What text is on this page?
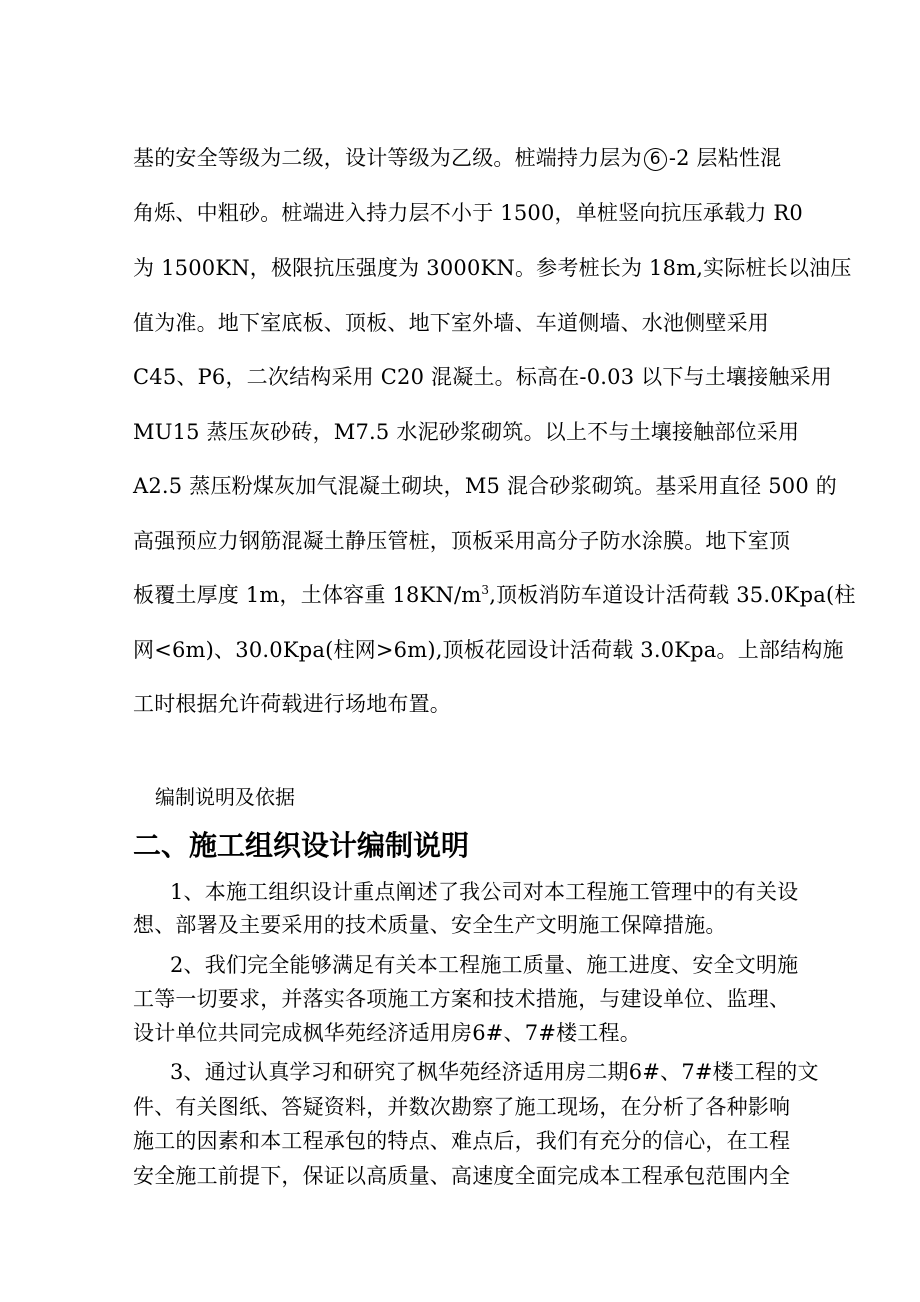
基的安全等级为二级，设计等级为乙级。桩端持力层为 6 -2 层粘性混
角烁、中粗砂。桩端进入持力层不小于 1500，单桩竖向抗压承载力 R0
为 1500KN，极限抗压强度为 3000KN。参考桩长为 18m,实际桩长以油压
值为准。地下室底板、顶板、地下室外墙、车道侧墙、水池侧壁采用
C45、P6，二次结构采用 C20 混凝土。标高在-0.03 以下与土壤接触采用
MU15 蒸压灰砂砖，M7.5 水泥砂浆砌筑。以上不与土壤接触部位采用
A2.5 蒸压粉煤灰加气混凝土砌块，M5 混合砂浆砌筑。基采用直径 500 的
高强预应力钢筋混凝土静压管桩，顶板采用高分子防水涂膜。地下室顶
板覆土厚度 1m，土体容重 $18KN/m^3$,顶板消防车道设计活荷载 35.0Kpa(柱
网<6m)、30.0Kpa(柱网>6m),顶板花园设计活荷载 3.0Kpa。上部结构施
工时根据允许荷载进行场地布置。
编制说明及依据
二、施工组织设计编制说明
1、本施工组织设计重点阐述了我公司对本工程施工管理中的有关设
想、部署及主要采用的技术质量、安全生产文明施工保障措施。
2、我们完全能够满足有关本工程施工质量、施工进度、安全文明施
工等一切要求，并落实各项施工方案和技术措施，与建设单位、监理、
设计单位共同完成枫华苑经济适用房6#、7#楼工程。
3、通过认真学习和研究了枫华苑经济适用房二期6#、7#楼工程的文
件、有关图纸、答疑资料，并数次勘察了施工现场，在分析了各种影响
施工的因素和本工程承包的特点、难点后，我们有充分的信心，在工程
安全施工前提下，保证以高质量、高速度全面完成本工程承包范围内全
